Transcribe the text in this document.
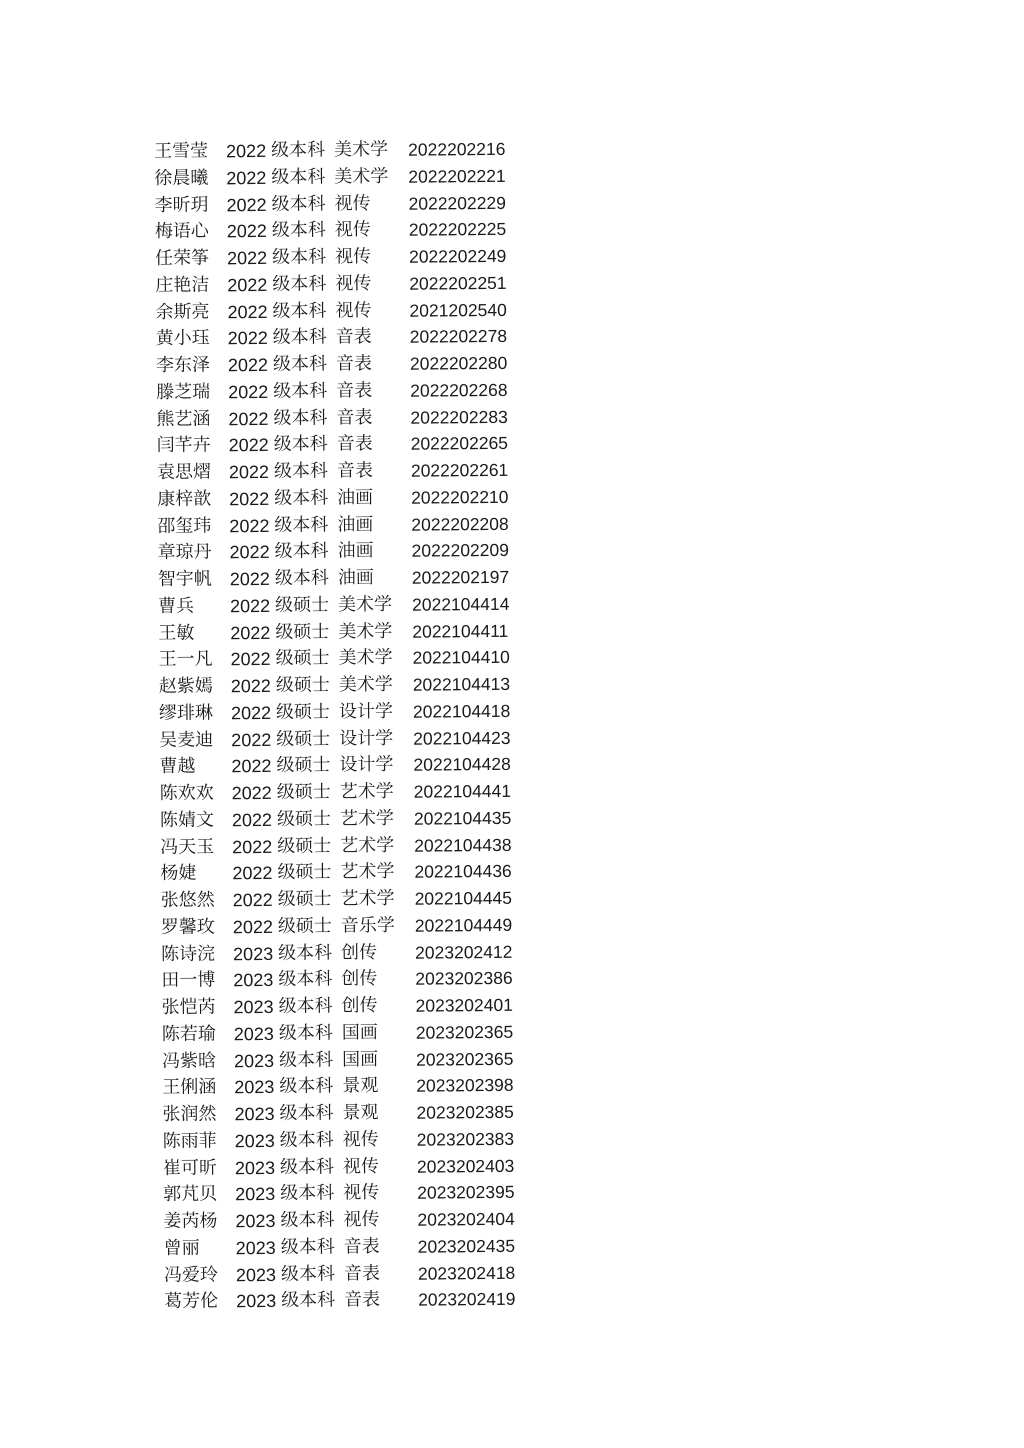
王雪莹 2022 级本科 美术学 2022202216
徐晨曦 2022 级本科 美术学 2022202221
李昕玥 2022 级本科 视传 2022202229
梅语心 2022 级本科 视传 2022202225
任荣筝 2022 级本科 视传 2022202249
庄艳洁 2022 级本科 视传 2022202251
余斯亮 2022 级本科 视传 2021202540
黄小珏 2022 级本科 音表 2022202278
李东泽 2022 级本科 音表 2022202280
滕芝瑞 2022 级本科 音表 2022202268
熊艺涵 2022 级本科 音表 2022202283
闫芊卉 2022 级本科 音表 2022202265
袁思熠 2022 级本科 音表 2022202261
康梓歆 2022 级本科 油画 2022202210
邵玺玮 2022 级本科 油画 2022202208
章琼丹 2022 级本科 油画 2022202209
智宇帆 2022 级本科 油画 2022202197
曹兵 2022 级硕士 美术学 2022104414
王敏 2022 级硕士 美术学 2022104411
王一凡 2022 级硕士 美术学 2022104410
赵紫嫣 2022 级硕士 美术学 2022104413
缪琲琳 2022 级硕士 设计学 2022104418
吴麦迪 2022 级硕士 设计学 2022104423
曹越 2022 级硕士 设计学 2022104428
陈欢欢 2022 级硕士 艺术学 2022104441
陈婧文 2022 级硕士 艺术学 2022104435
冯天玉 2022 级硕士 艺术学 2022104438
杨婕 2022 级硕士 艺术学 2022104436
张悠然 2022 级硕士 艺术学 2022104445
罗馨玫 2022 级硕士 音乐学 2022104449
陈诗浣 2023 级本科 创传 2023202412
田一博 2023 级本科 创传 2023202386
张恺芮 2023 级本科 创传 2023202401
陈若瑜 2023 级本科 国画 2023202365
冯紫晗 2023 级本科 国画 2023202365
王俐涵 2023 级本科 景观 2023202398
张润然 2023 级本科 景观 2023202385
陈雨菲 2023 级本科 视传 2023202383
崔可昕 2023 级本科 视传 2023202403
郭芃贝 2023 级本科 视传 2023202395
姜芮杨 2023 级本科 视传 2023202404
曾丽 2023 级本科 音表 2023202435
冯爱玲 2023 级本科 音表 2023202418
葛芳伦 2023 级本科 音表 2023202419
